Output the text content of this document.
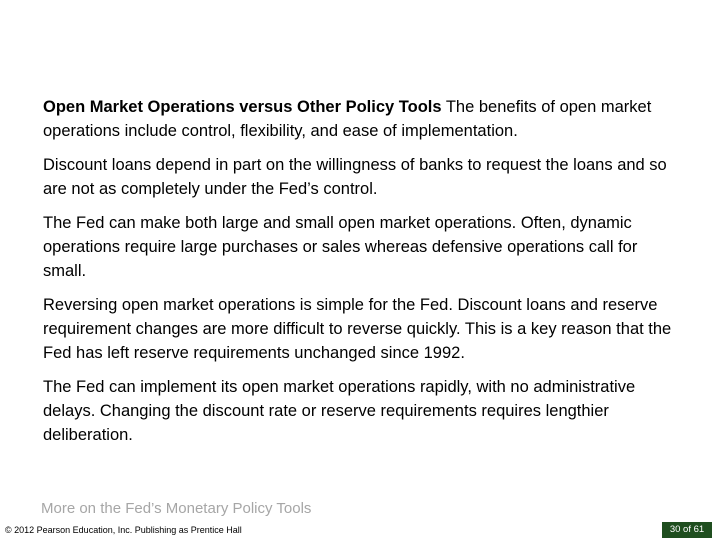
Open Market Operations versus Other Policy Tools The benefits of open market operations include control, flexibility, and ease of implementation.

Discount loans depend in part on the willingness of banks to request the loans and so are not as completely under the Fed’s control.

The Fed can make both large and small open market operations. Often, dynamic operations require large purchases or sales whereas defensive operations call for small.

Reversing open market operations is simple for the Fed. Discount loans and reserve requirement changes are more difficult to reverse quickly. This is a key reason that the Fed has left reserve requirements unchanged since 1992.

The Fed can implement its open market operations rapidly, with no administrative delays. Changing the discount rate or reserve requirements requires lengthier deliberation.

More on the Fed’s Monetary Policy Tools
© 2012 Pearson Education, Inc. Publishing as Prentice Hall	30 of 61
